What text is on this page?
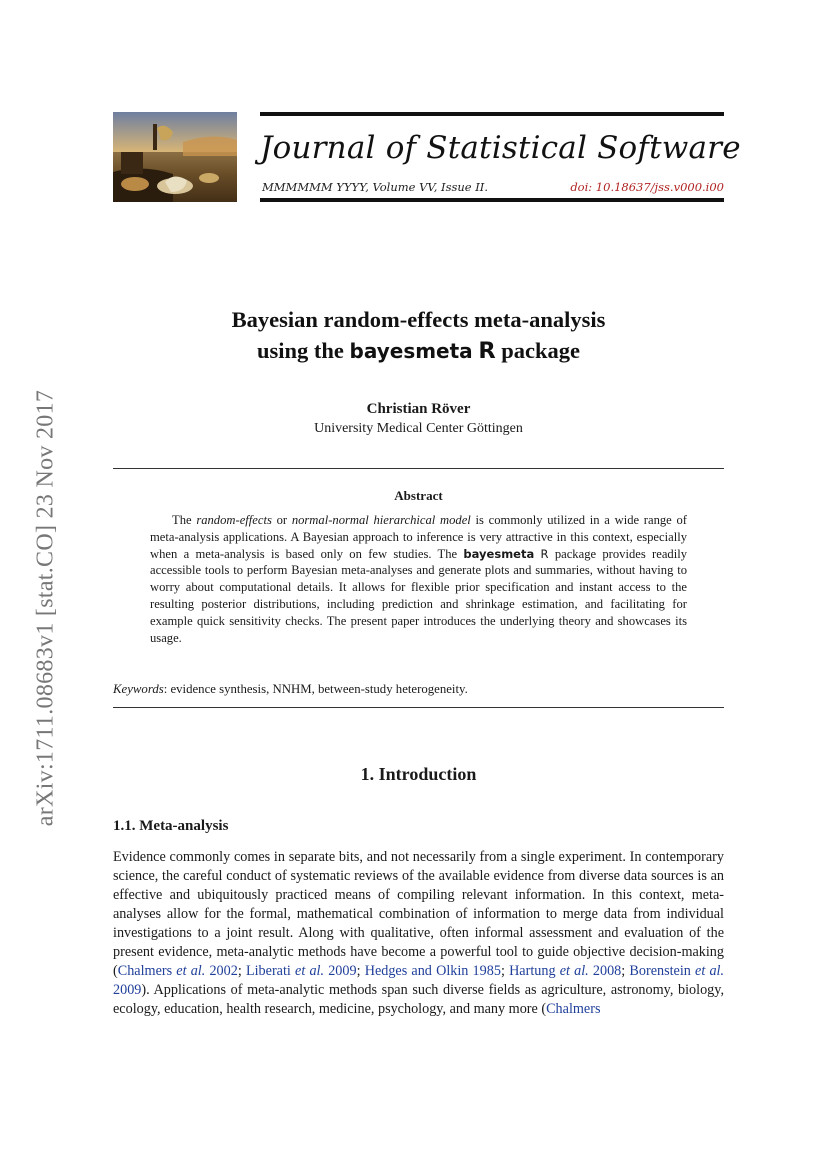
Journal of Statistical Software
MMMMMM YYYY, Volume VV, Issue II.	doi: 10.18637/jss.v000.i00
arXiv:1711.08683v1 [stat.CO] 23 Nov 2017
Bayesian random-effects meta-analysis
using the bayesmeta R package
Christian Röver
University Medical Center Göttingen
Abstract

The random-effects or normal-normal hierarchical model is commonly utilized in a wide range of meta-analysis applications. A Bayesian approach to inference is very attractive in this context, especially when a meta-analysis is based only on few studies. The bayesmeta R package provides readily accessible tools to perform Bayesian meta-analyses and generate plots and summaries, without having to worry about computational details. It allows for flexible prior specification and instant access to the resulting posterior distributions, including prediction and shrinkage estimation, and facilitating for example quick sensitivity checks. The present paper introduces the underlying theory and showcases its usage.

Keywords: evidence synthesis, NNHM, between-study heterogeneity.
1. Introduction
1.1. Meta-analysis

Evidence commonly comes in separate bits, and not necessarily from a single experiment. In contemporary science, the careful conduct of systematic reviews of the available evidence from diverse data sources is an effective and ubiquitously practiced means of compiling relevant information. In this context, meta-analyses allow for the formal, mathematical combination of information to merge data from individual investigations to a joint result. Along with qualitative, often informal assessment and evaluation of the present evidence, meta-analytic methods have become a powerful tool to guide objective decision-making (Chalmers et al. 2002; Liberati et al. 2009; Hedges and Olkin 1985; Hartung et al. 2008; Borenstein et al. 2009). Applications of meta-analytic methods span such diverse fields as agriculture, astronomy, biology, ecology, education, health research, medicine, psychology, and many more (Chalmers
